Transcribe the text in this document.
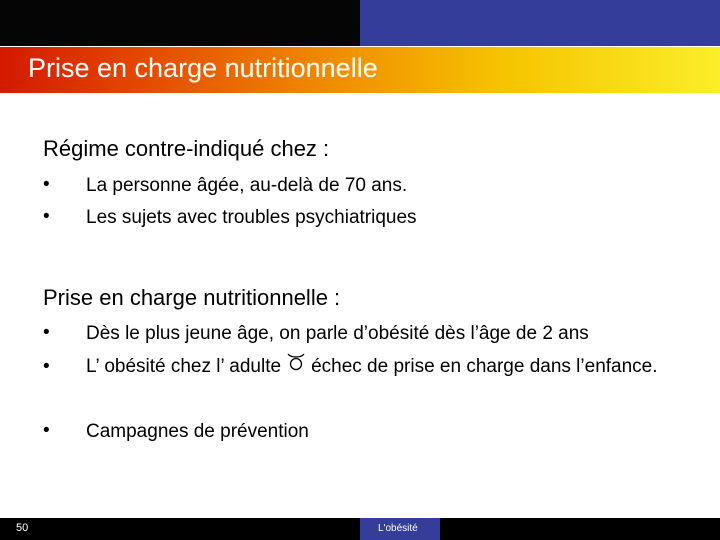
Prise en charge nutritionnelle
Régime contre-indiqué chez :
•	La personne âgée, au-delà de 70 ans.
•	Les sujets avec troubles psychiatriques
Prise en charge nutritionnelle :
•	Dès le plus jeune âge, on parle d’obésité dès l’âge de 2 ans
•	L’ obésité chez l’ adulte échec de prise en charge dans l’enfance.
•	Campagnes de prévention
50	L'obésité
